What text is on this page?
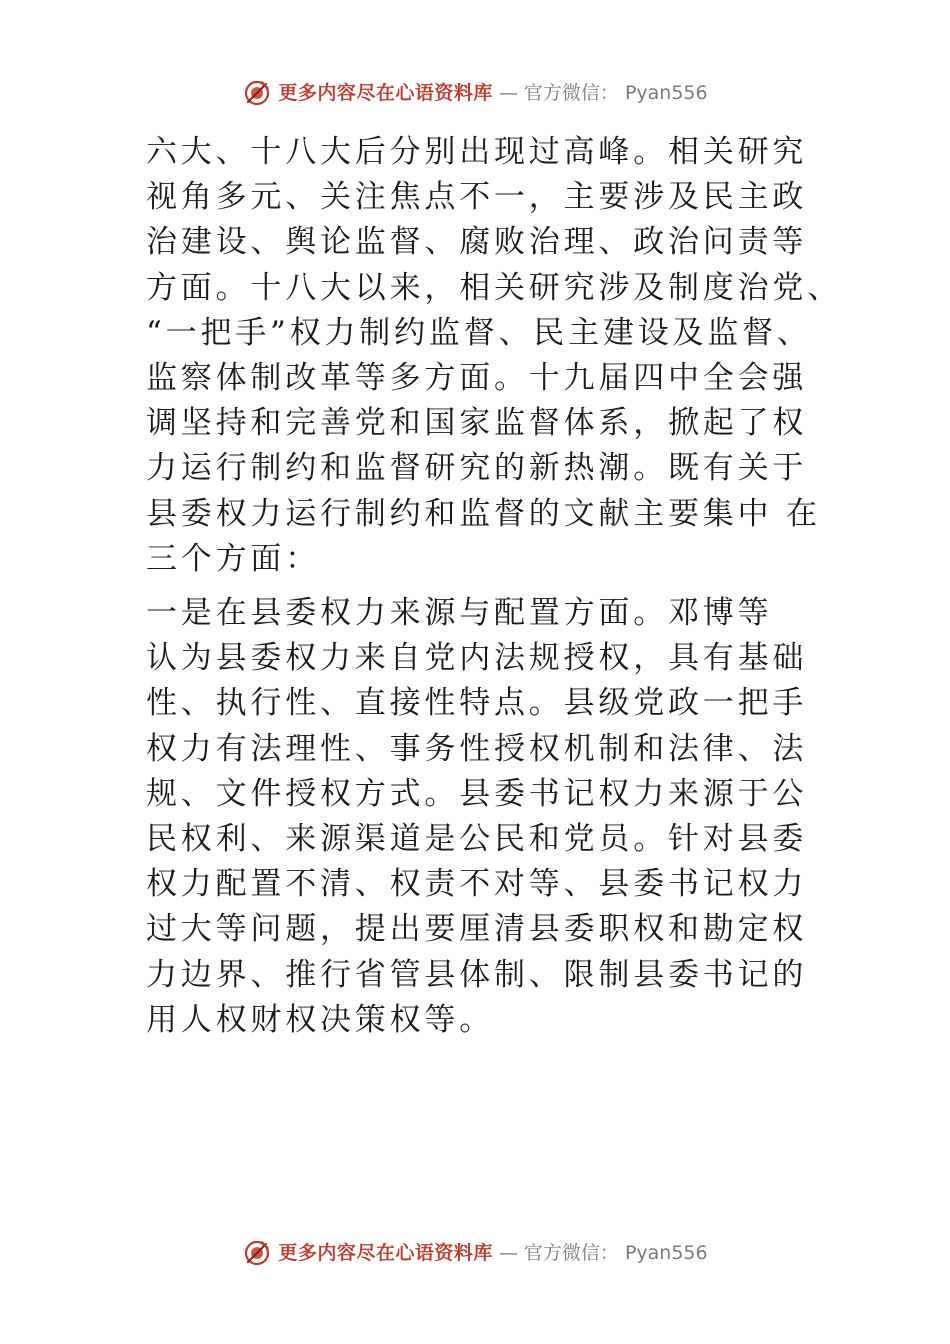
更多内容尽在心语资料库 — 官方微信： Pyan556

六大、十八大后分别出现过高峰。相关研究
视角多元、关注焦点不一，主要涉及民主政
治建设、舆论监督、腐败治理、政治问责等
方面。十八大以来，相关研究涉及制度治党、
“一把手”权力制约监督、民主建设及监督、
监察体制改革等多方面。十九届四中全会强
调坚持和完善党和国家监督体系，掀起了权
力运行制约和监督研究的新热潮。既有关于
县委权力运行制约和监督的文献主要集中 在
三个方面：

一是在县委权力来源与配置方面。邓博等
认为县委权力来自党内法规授权，具有基础
性、执行性、直接性特点。县级党政一把手
权力有法理性、事务性授权机制和法律、法
规、文件授权方式。县委书记权力来源于公
民权利、来源渠道是公民和党员。针对县委
权力配置不清、权责不对等、县委书记权力
过大等问题，提出要厘清县委职权和勘定权
力边界、推行省管县体制、限制县委书记的
用人权财权决策权等。

更多内容尽在心语资料库 — 官方微信： Pyan556
